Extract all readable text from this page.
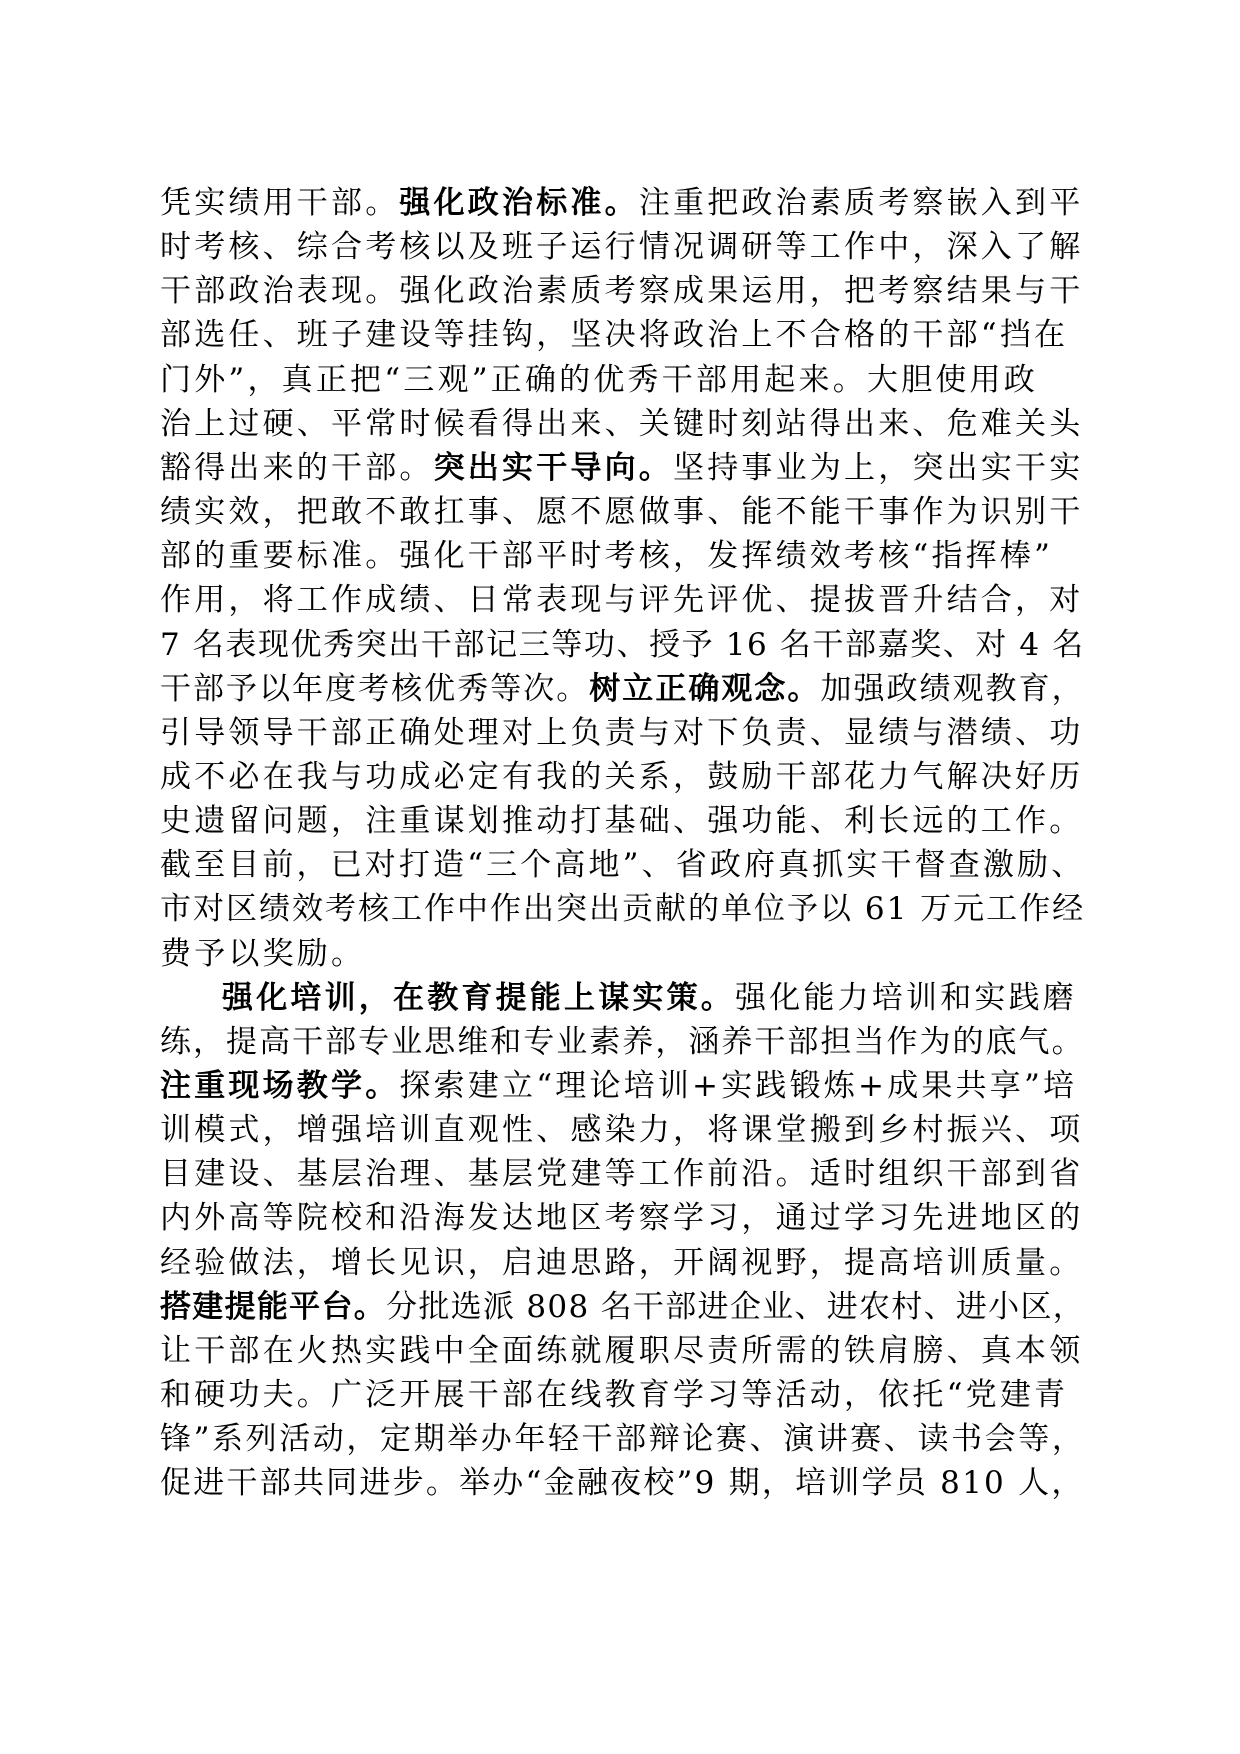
凭实绩用干部。强化政治标准。注重把政治素质考察嵌入到平
时考核、综合考核以及班子运行情况调研等工作中，深入了解
干部政治表现。强化政治素质考察成果运用，把考察结果与干
部选任、班子建设等挂钩，坚决将政治上不合格的干部“挡在
门外”，真正把“三观”正确的优秀干部用起来。大胆使用政
治上过硬、平常时候看得出来、关键时刻站得出来、危难关头
豁得出来的干部。突出实干导向。坚持事业为上，突出实干实
绩实效，把敢不敢扛事、愿不愿做事、能不能干事作为识别干
部的重要标准。强化干部平时考核，发挥绩效考核“指挥棒”
作用，将工作成绩、日常表现与评先评优、提拔晋升结合，对
7 名表现优秀突出干部记三等功、授予 16 名干部嘉奖、对 4 名
干部予以年度考核优秀等次。树立正确观念。加强政绩观教育，
引导领导干部正确处理对上负责与对下负责、显绩与潜绩、功
成不必在我与功成必定有我的关系，鼓励干部花力气解决好历
史遗留问题，注重谋划推动打基础、强功能、利长远的工作。
截至目前，已对打造“三个高地”、省政府真抓实干督查激励、
市对区绩效考核工作中作出突出贡献的单位予以 61 万元工作经
费予以奖励。
强化培训，在教育提能上谋实策。强化能力培训和实践磨
练，提高干部专业思维和专业素养，涵养干部担当作为的底气。
注重现场教学。探索建立“理论培训+实践锻炼+成果共享”培
训模式，增强培训直观性、感染力，将课堂搬到乡村振兴、项
目建设、基层治理、基层党建等工作前沿。适时组织干部到省
内外高等院校和沿海发达地区考察学习，通过学习先进地区的
经验做法，增长见识，启迪思路，开阔视野，提高培训质量。
搭建提能平台。分批选派 808 名干部进企业、进农村、进小区，
让干部在火热实践中全面练就履职尽责所需的铁肩膀、真本领
和硬功夫。广泛开展干部在线教育学习等活动，依托“党建青
锋”系列活动，定期举办年轻干部辩论赛、演讲赛、读书会等，
促进干部共同进步。举办“金融夜校”9 期，培训学员 810 人，
